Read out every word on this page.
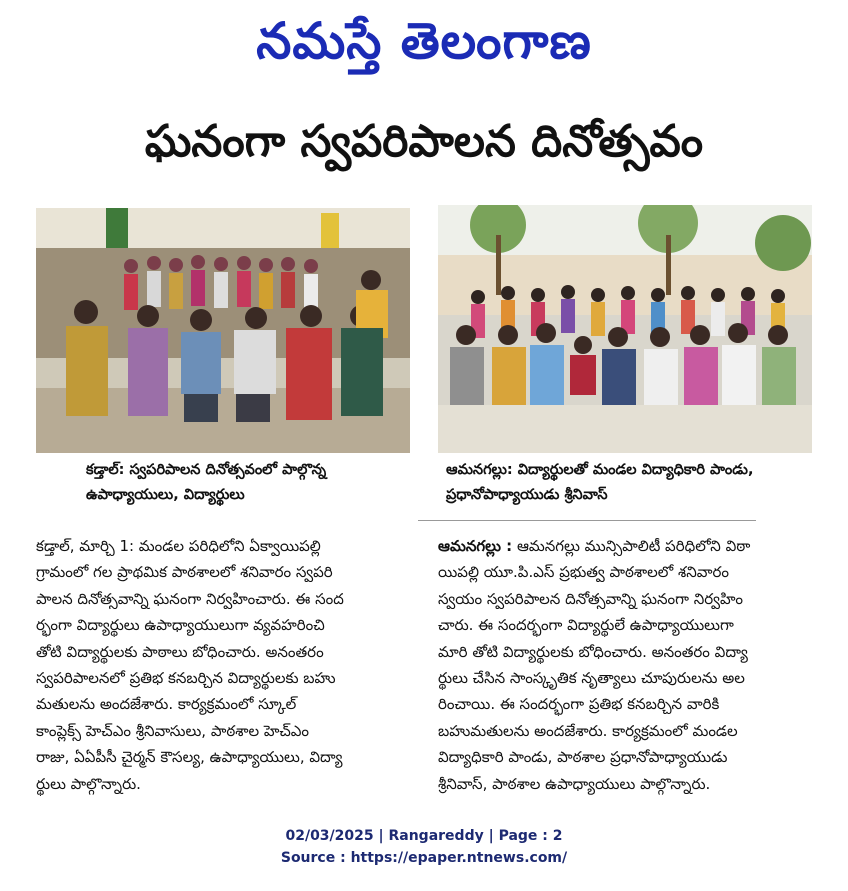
నమస్తే తెలంగాణ
ఘనంగా స్వపరిపాలన దినోత్సవం
కడ్తాల్: స్వపరిపాలన దినోత్సవంలో పాల్గొన్న
ఉపాధ్యాయులు, విద్యార్థులు
ఆమనగల్లు: విద్యార్థులతో మండల విద్యాధికారి పాండు,
ప్రధానోపాధ్యాయుడు శ్రీనివాస్
కడ్తాల్, మార్చి 1: మండల పరిధిలోని ఏక్వాయిపల్లి
గ్రామంలో గల ప్రాథమిక పాఠశాలలో శనివారం స్వపరి
పాలన దినోత్సవాన్ని ఘనంగా నిర్వహించారు. ఈ సంద
ర్భంగా విద్యార్థులు ఉపాధ్యాయులుగా వ్యవహరించి
తోటి విద్యార్థులకు పాఠాలు బోధించారు. అనంతరం
స్వపరిపాలనలో ప్రతిభ కనబర్చిన విద్యార్థులకు బహు
మతులను అందజేశారు. కార్యక్రమంలో స్కూల్
కాంప్లెక్స్ హెచ్‌ఎం శ్రీనివాసులు, పాఠశాల హెచ్‌ఎం
రాజు, ఏఏపీసీ చైర్మన్ కౌసల్య, ఉపాధ్యాయులు, విద్యా
ర్థులు పాల్గొన్నారు.
ఆమనగల్లు : ఆమనగల్లు మున్సిపాలిటీ పరిధిలోని విఠా
యిపల్లి యూ.పి.ఎస్ ప్రభుత్వ పాఠశాలలో శనివారం
స్వయం స్వపరిపాలన దినోత్సవాన్ని ఘనంగా నిర్వహిం
చారు. ఈ సందర్భంగా విద్యార్థులే ఉపాధ్యాయులుగా
మారి తోటి విద్యార్థులకు బోధించారు. అనంతరం విద్యా
ర్థులు చేసిన సాంస్కృతిక నృత్యాలు చూపురులను అల
రించాయి. ఈ సందర్భంగా ప్రతిభ కనబర్చిన వారికి
బహుమతులను అందజేశారు. కార్యక్రమంలో మండల
విద్యాధికారి పాండు, పాఠశాల ప్రధానోపాధ్యాయుడు
శ్రీనివాస్, పాఠశాల ఉపాధ్యాయులు పాల్గొన్నారు.
02/03/2025 | Rangareddy | Page : 2
Source : https://epaper.ntnews.com/
